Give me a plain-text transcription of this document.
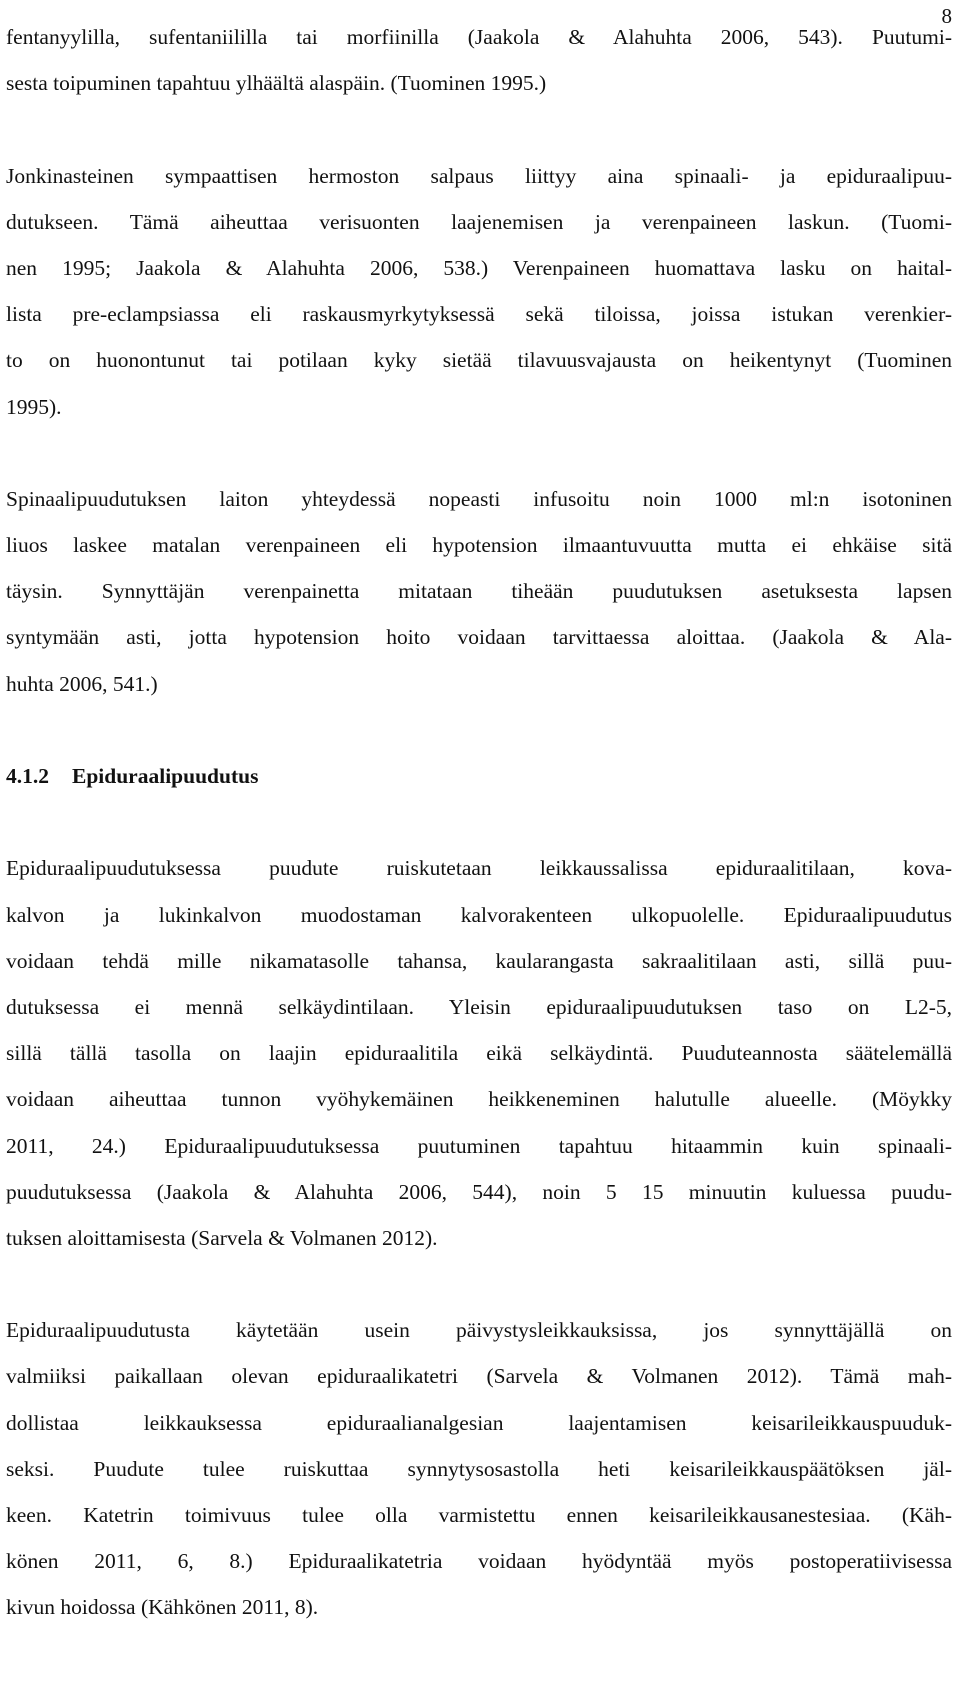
8
fentanyylilla, sufentaniililla tai morfiinilla (Jaakola & Alahuhta 2006, 543). Puutumi-
sesta toipuminen tapahtuu ylhäältä alaspäin. (Tuominen 1995.)
Jonkinasteinen sympaattisen hermoston salpaus liittyy aina spinaali- ja epiduraalipuu-
dutukseen. Tämä aiheuttaa verisuonten laajenemisen ja verenpaineen laskun. (Tuomi-
nen 1995; Jaakola & Alahuhta 2006, 538.) Verenpaineen huomattava lasku on haital-
lista pre-eclampsiassa eli raskausmyrkytyksessä sekä tiloissa, joissa istukan verenkier-
to on huonontunut tai potilaan kyky sietää tilavuusvajausta on heikentynyt (Tuominen
1995).
Spinaalipuudutuksen laiton yhteydessä nopeasti infusoitu noin 1000 ml:n isotoninen
liuos laskee matalan verenpaineen eli hypotension ilmaantuvuutta mutta ei ehkäise sitä
täysin. Synnyttäjän verenpainetta mitataan tiheään puudutuksen asetuksesta lapsen
syntymään asti, jotta hypotension hoito voidaan tarvittaessa aloittaa. (Jaakola & Ala-
huhta 2006, 541.)
4.1.2 Epiduraalipuudutus
Epiduraalipuudutuksessa puudute ruiskutetaan leikkaussalissa epiduraalitilaan, kova-
kalvon ja lukinkalvon muodostaman kalvorakenteen ulkopuolelle. Epiduraalipuudutus
voidaan tehdä mille nikamatasolle tahansa, kaularangasta sakraalitilaan asti, sillä puu-
dutuksessa ei mennä selkäydintilaan. Yleisin epiduraalipuudutuksen taso on L2-5,
sillä tällä tasolla on laajin epiduraalitila eikä selkäydintä. Puuduteannosta säätelemällä
voidaan aiheuttaa tunnon vyöhykemäinen heikkeneminen halutulle alueelle. (Möykky
2011, 24.) Epiduraalipuudutuksessa puutuminen tapahtuu hitaammin kuin spinaali-
puudutuksessa (Jaakola & Alahuhta 2006, 544), noin 5 15 minuutin kuluessa puudu-
tuksen aloittamisesta (Sarvela & Volmanen 2012).
Epiduraalipuudutusta käytetään usein päivystysleikkauksissa, jos synnyttäjällä on
valmiiksi paikallaan olevan epiduraalikatetri (Sarvela & Volmanen 2012). Tämä mah-
dollistaa leikkauksessa epiduraalianalgesian laajentamisen keisarileikkauspuuduk-
seksi. Puudute tulee ruiskuttaa synnytysosastolla heti keisarileikkauspäätöksen jäl-
keen. Katetrin toimivuus tulee olla varmistettu ennen keisarileikkausanestesiaa. (Käh-
könen 2011, 6, 8.) Epiduraalikatetria voidaan hyödyntää myös postoperatiivisessa
kivun hoidossa (Kähkönen 2011, 8).
